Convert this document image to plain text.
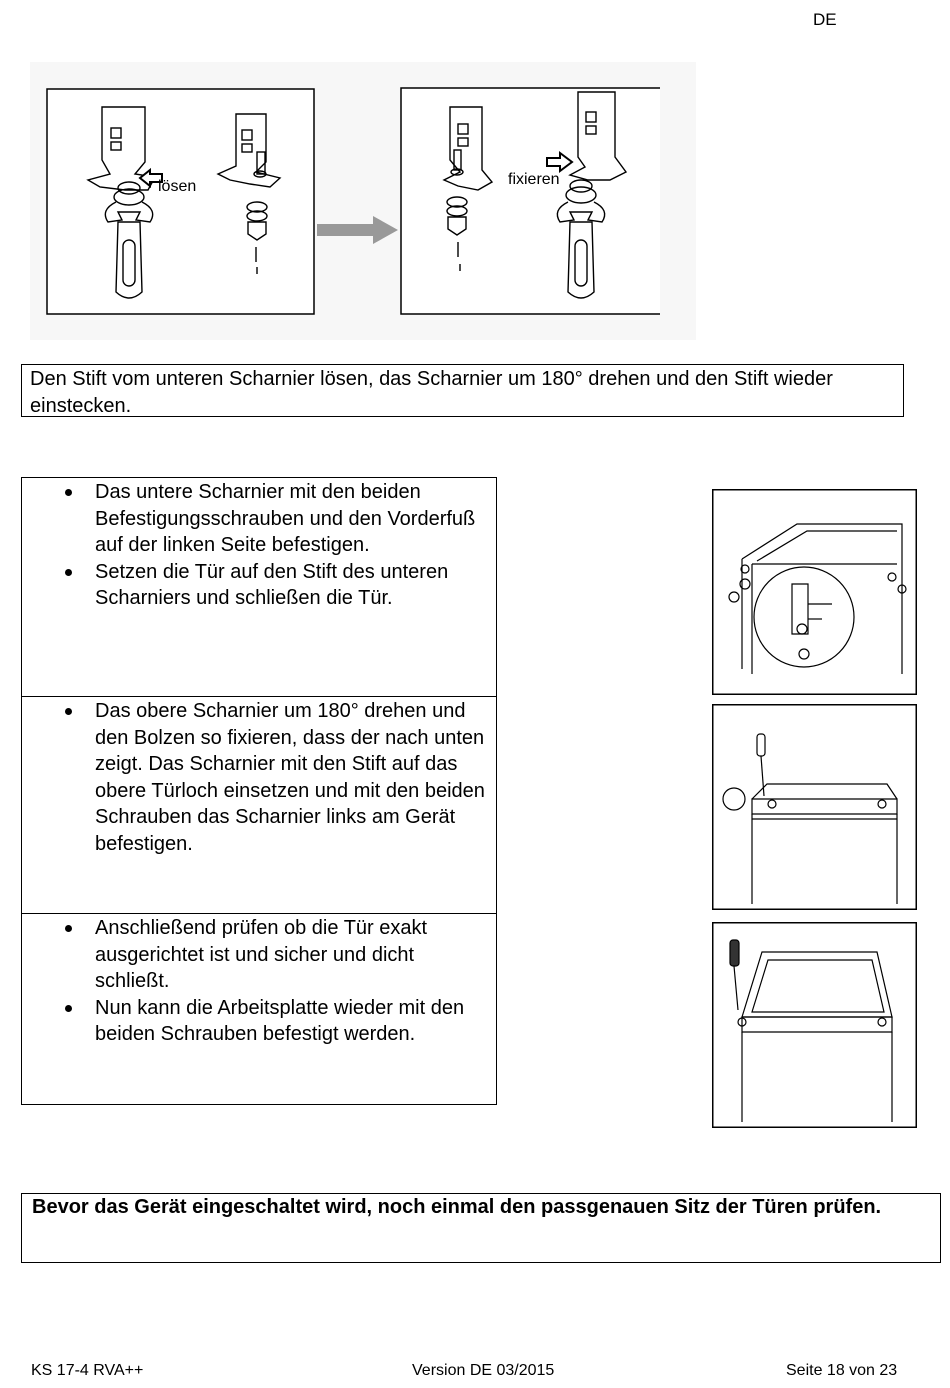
DE
lösen	fixieren
Den Stift vom unteren Scharnier lösen, das Scharnier um 180° drehen und den Stift wieder einstecken.
Das untere Scharnier mit den beiden Befestigungsschrauben und den Vorderfuß auf der linken Seite befestigen.
Setzen die Tür auf den Stift des unteren Scharniers und schließen die Tür.
Das obere Scharnier um 180° drehen und den Bolzen so fixieren, dass der nach unten zeigt. Das Scharnier mit den Stift auf das obere Türloch einsetzen und mit den beiden Schrauben das Scharnier links am Gerät befestigen.
Anschließend prüfen ob die Tür exakt ausgerichtet ist und sicher und dicht schließt.
Nun kann die Arbeitsplatte wieder mit den beiden Schrauben befestigt werden.
Bevor das Gerät eingeschaltet wird, noch einmal den passgenauen Sitz der Türen prüfen.
KS 17-4 RVA++	Version DE 03/2015	Seite 18 von 23
